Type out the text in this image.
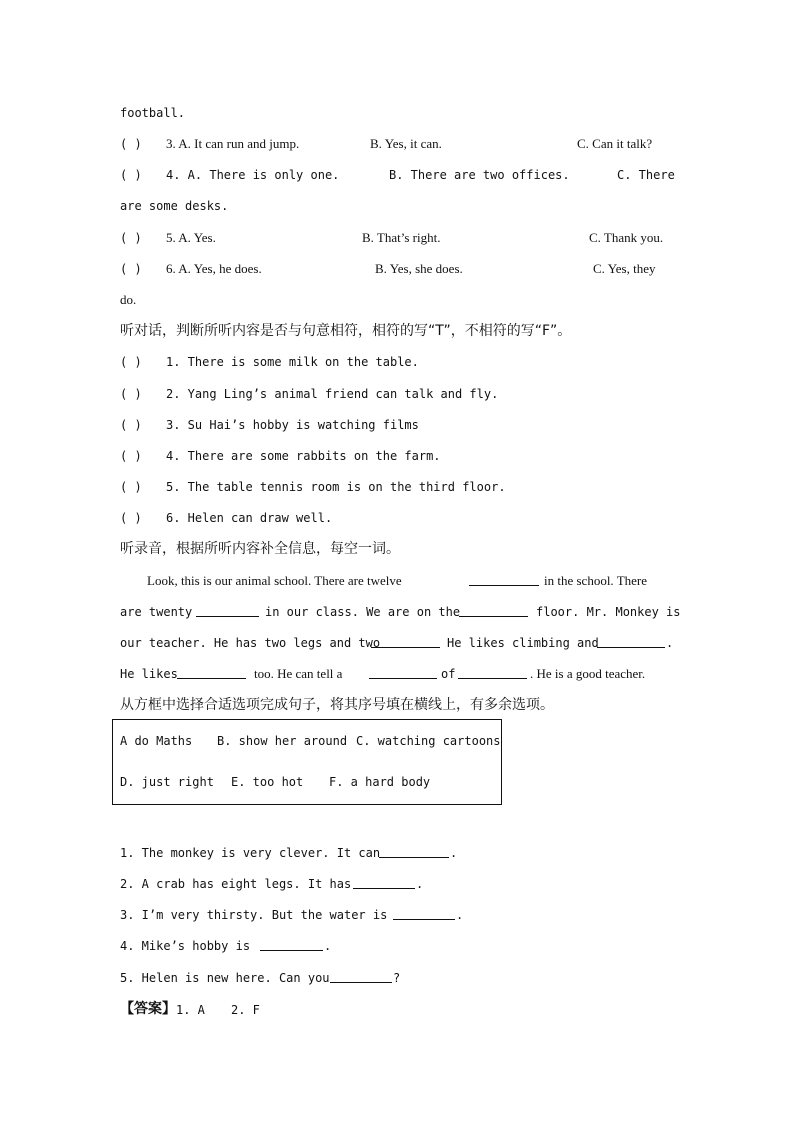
football.
( ) 3. A. It can run and jump.	B. Yes, it can.	C. Can it talk?
( ) 4. A. There is only one.	B. There are two offices.	C. There
are some desks.
( ) 5. A. Yes.	B. That’s right.	C. Thank you.
( ) 6. A. Yes, he does.	B. Yes, she does.	C. Yes, they
do.
听对话，判断所听内容是否与句意相符，相符的写“T”，不相符的写“F”。
( ) 1. There is some milk on the table.
( ) 2. Yang Ling’s animal friend can talk and fly.
( ) 3. Su Hai’s hobby is watching films
( ) 4. There are some rabbits on the farm.
( ) 5. The table tennis room is on the third floor.
( ) 6. Helen can draw well.
听录音，根据所听内容补全信息，每空一词。
Look, this is our animal school. There are twelve	in the school. There
are twenty	in our class. We are on the	floor. Mr. Monkey is
our teacher. He has two legs and two	He likes climbing and	.
He likes	too. He can tell a	of	. He is a good teacher.
从方框中选择合适选项完成句子，将其序号填在横线上，有多余选项。
A do Maths B. show her around C. watching cartoons
D. just right E. too hot F. a hard body
1. The monkey is very clever. It can	.
2. A crab has eight legs. It has	.
3. I’m very thirsty. But the water is	.
4. Mike’s hobby is	.
5. Helen is new here. Can you	?
【答案】 1. A 2. F
